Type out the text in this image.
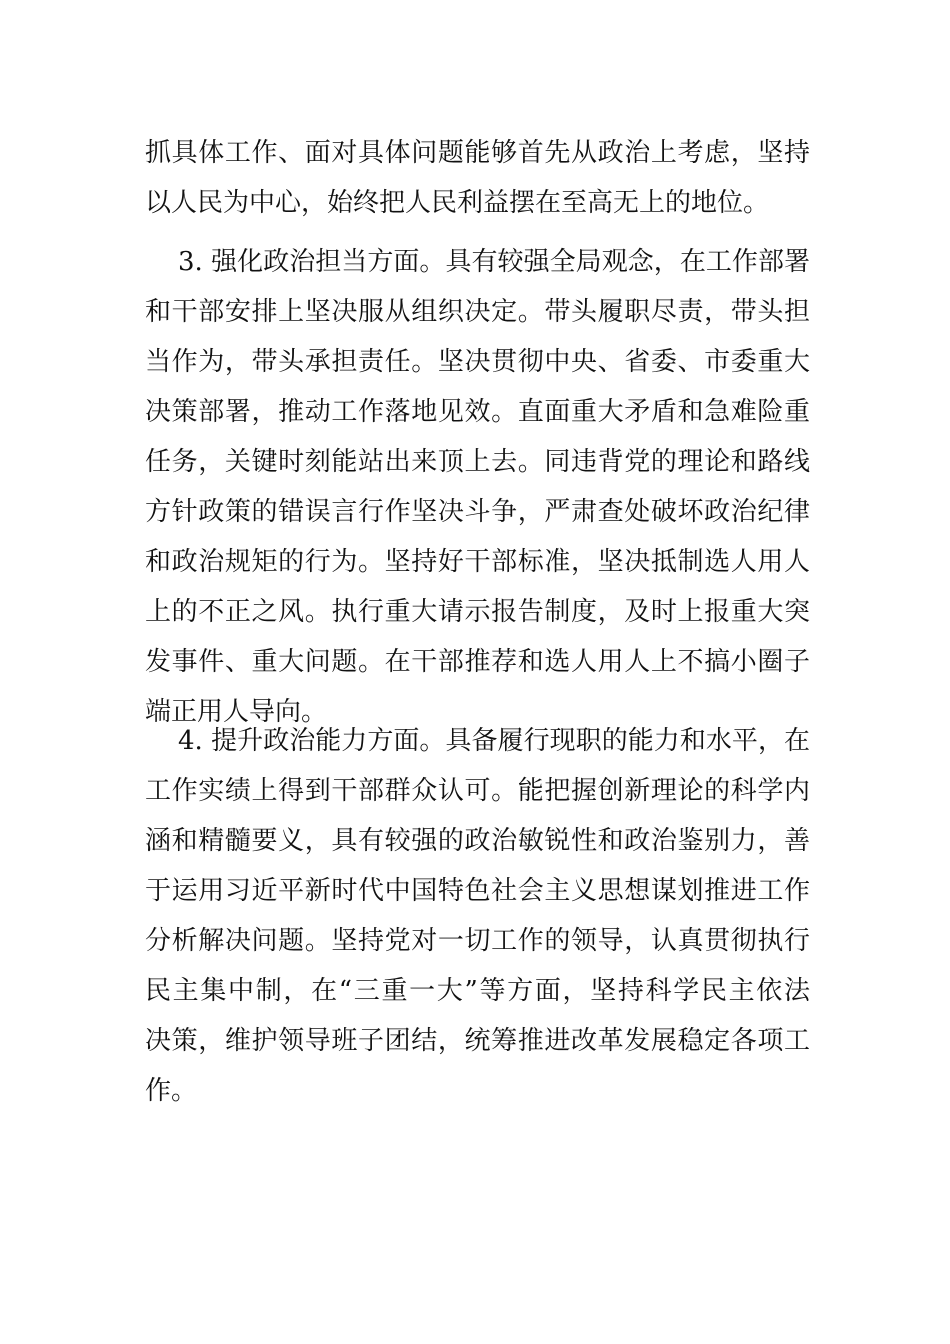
抓具体工作、面对具体问题能够首先从政治上考虑，坚持
以人民为中心，始终把人民利益摆在至高无上的地位。
3. 强化政治担当方面。具有较强全局观念，在工作部署
和干部安排上坚决服从组织决定。带头履职尽责，带头担
当作为，带头承担责任。坚决贯彻中央、省委、市委重大
决策部署，推动工作落地见效。直面重大矛盾和急难险重
任务，关键时刻能站出来顶上去。同违背党的理论和路线
方针政策的错误言行作坚决斗争，严肃查处破坏政治纪律
和政治规矩的行为。坚持好干部标准，坚决抵制选人用人
上的不正之风。执行重大请示报告制度，及时上报重大突
发事件、重大问题。在干部推荐和选人用人上不搞小圈子
端正用人导向。
4. 提升政治能力方面。具备履行现职的能力和水平，在
工作实绩上得到干部群众认可。能把握创新理论的科学内
涵和精髓要义，具有较强的政治敏锐性和政治鉴别力，善
于运用习近平新时代中国特色社会主义思想谋划推进工作
分析解决问题。坚持党对一切工作的领导，认真贯彻执行
民主集中制，在“三重一大”等方面，坚持科学民主依法
决策，维护领导班子团结，统筹推进改革发展稳定各项工
作。
